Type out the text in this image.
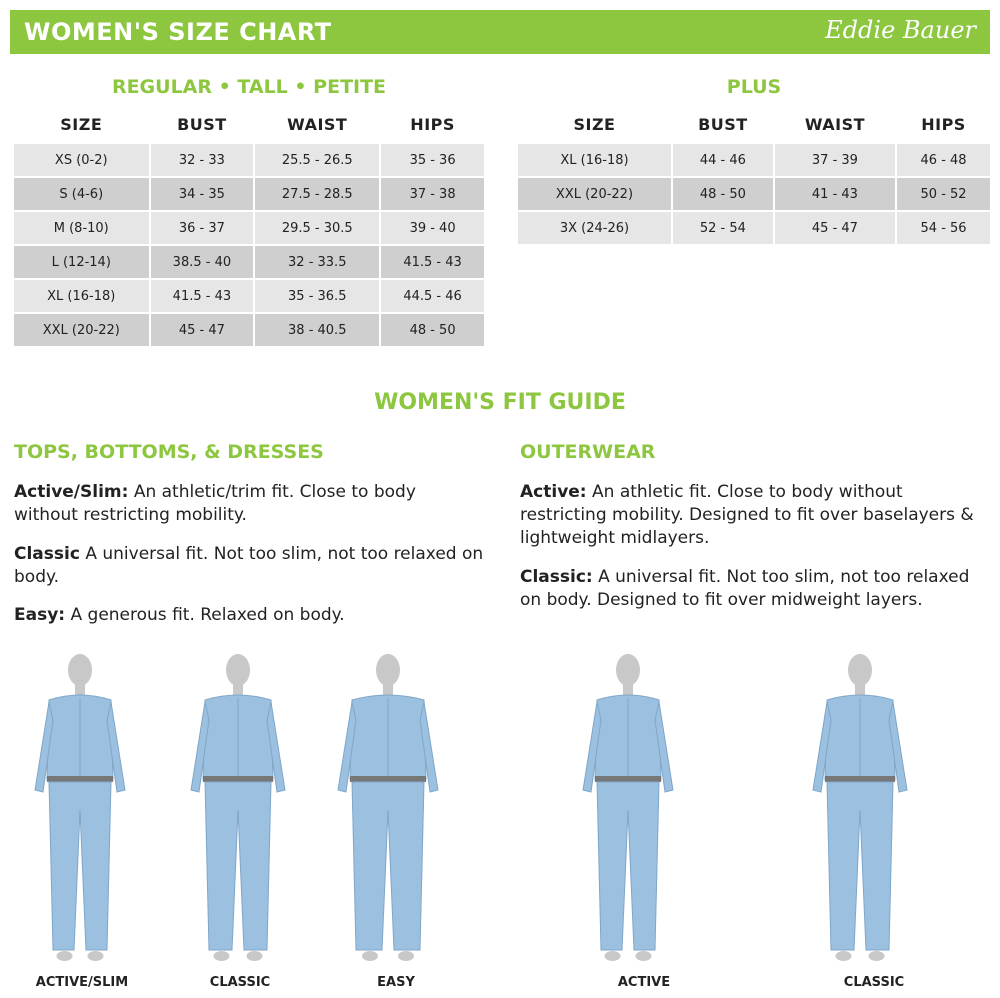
WOMEN'S SIZE CHART	Eddie Bauer
REGULAR • TALL • PETITE
SIZE	BUST	WAIST	HIPS
XS (0-2)	32 - 33	25.5 - 26.5	35 - 36
S (4-6)	34 - 35	27.5 - 28.5	37 - 38
M (8-10)	36 - 37	29.5 - 30.5	39 - 40
L (12-14)	38.5 - 40	32 - 33.5	41.5 - 43
XL (16-18)	41.5 - 43	35 - 36.5	44.5 - 46
XXL (20-22)	45 - 47	38 - 40.5	48 - 50
PLUS
SIZE	BUST	WAIST	HIPS
XL (16-18)	44 - 46	37 - 39	46 - 48
XXL (20-22)	48 - 50	41 - 43	50 - 52
3X (24-26)	52 - 54	45 - 47	54 - 56
WOMEN'S FIT GUIDE
TOPS, BOTTOMS, & DRESSES
Active/Slim: An athletic/trim fit. Close to body without restricting mobility.
Classic A universal fit. Not too slim, not too relaxed on body.
Easy: A generous fit. Relaxed on body.
OUTERWEAR
Active: An athletic fit. Close to body without restricting mobility. Designed to fit over baselayers & lightweight midlayers.
Classic: A universal fit. Not too slim, not too relaxed on body. Designed to fit over midweight layers.
ACTIVE/SLIM	CLASSIC	EASY	ACTIVE	CLASSIC
